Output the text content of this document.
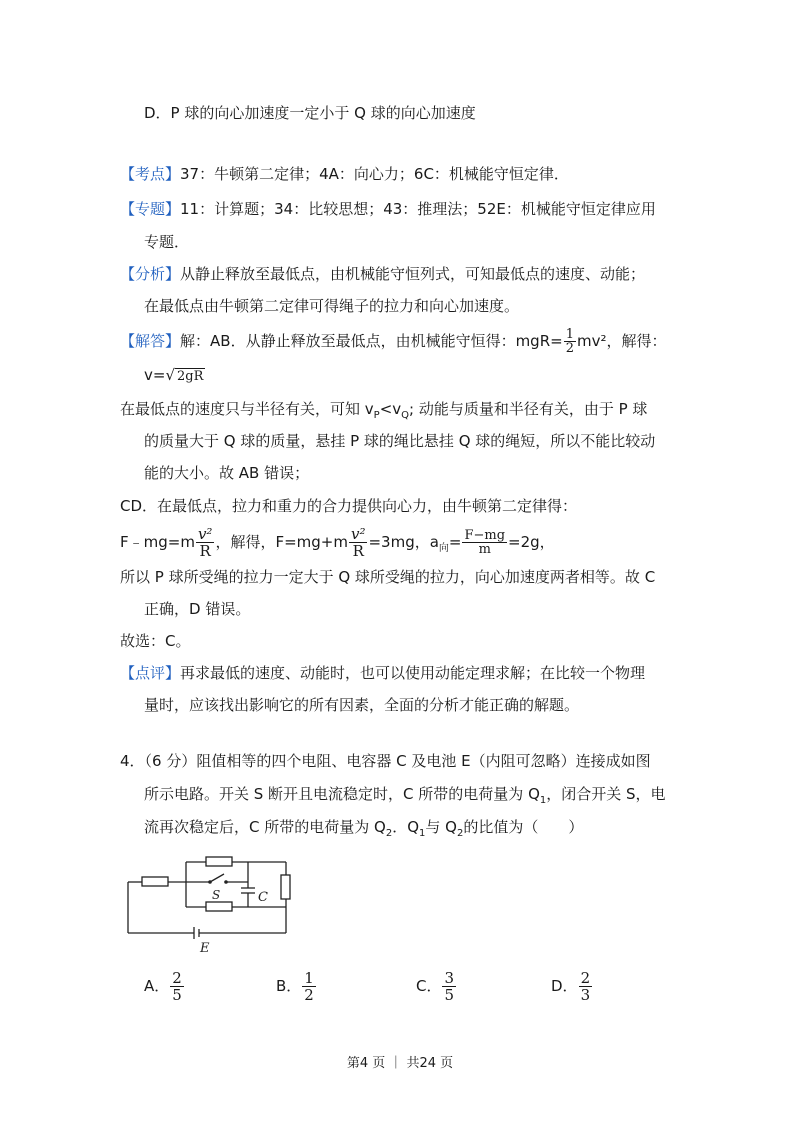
D．P 球的向心加速度一定小于 Q 球的向心加速度
【考点】37：牛顿第二定律；4A：向心力；6C：机械能守恒定律．
【专题】11：计算题；34：比较思想；43：推理法；52E：机械能守恒定律应用
专题．
【分析】从静止释放至最低点，由机械能守恒列式，可知最低点的速度、动能；
在最低点由牛顿第二定律可得绳子的拉力和向心加速度。
【解答】解：AB．从静止释放至最低点，由机械能守恒得：$mgR= \frac{1}{2} mv^2$，解得：
v=√ 2gR
在最低点的速度只与半径有关，可知 $v_P<v_Q$; 动能与质量和半径有关，由于 P 球
的质量大于 Q 球的质量，悬挂 P 球的绳比悬挂 Q 球的绳短，所以不能比较动
能的大小。故 AB 错误；
CD．在最低点，拉力和重力的合力提供向心力，由牛顿第二定律得：
F﹣mg=m $\frac{\text{v²}}{R}$ ，解得，$F=mg+m \frac{\text{v²}}{R} =3mg$，$a_向= \frac{F-mg}{m} =2g$，
所以 P 球所受绳的拉力一定大于 Q 球所受绳的拉力，向心加速度两者相等。故 C
正确，D 错误。
故选：C。
【点评】再求最低的速度、动能时，也可以使用动能定理求解；在比较一个物理
量时，应该找出影响它的所有因素，全面的分析才能正确的解题。
4．（6 分）阻值相等的四个电阻、电容器 C 及电池 E（内阻可忽略）连接成如图
所示电路。开关 S 断开且电流稳定时，C 所带的电荷量为 $Q_1$，闭合开关 S，电
流再次稳定后，C 所带的电荷量为 $Q_2$．$Q_1$与 $Q_2$的比值为（　　）
S	C
E
A． $\frac{2}{5}$	B． $\frac{1}{2}$	C． $\frac{3}{5}$	D． $\frac{2}{3}$
第4 页 ｜ 共24 页
